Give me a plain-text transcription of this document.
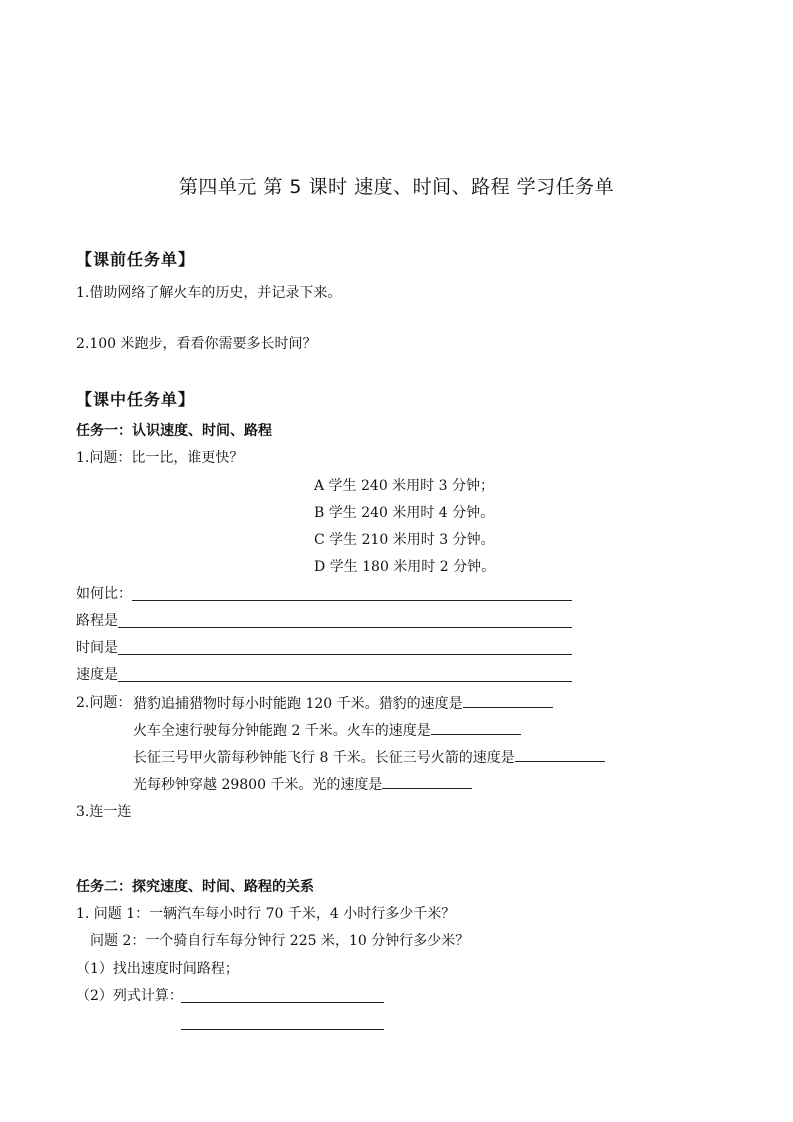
第四单元 第 5 课时 速度、时间、路程 学习任务单
【课前任务单】
1.借助网络了解火车的历史，并记录下来。
2.100 米跑步，看看你需要多长时间？
【课中任务单】
任务一：认识速度、时间、路程
1.问题：比一比，谁更快？
A 学生 240 米用时 3 分钟；
B 学生 240 米用时 4 分钟。
C 学生 210 米用时 3 分钟。
D 学生 180 米用时 2 分钟。
如何比：
路程是
时间是
速度是
2.问题： 猎豹追捕猎物时每小时能跑 120 千米。猎豹的速度是
火车全速行驶每分钟能跑 2 千米。火车的速度是
长征三号甲火箭每秒钟能飞行 8 千米。长征三号火箭的速度是
光每秒钟穿越 29800 千米。光的速度是
3.连一连
任务二：探究速度、时间、路程的关系
1. 问题 1：一辆汽车每小时行 70 千米，4 小时行多少千米？
问题 2：一个骑自行车每分钟行 225 米，10 分钟行多少米？
（1）找出速度时间路程；
（2）列式计算：
